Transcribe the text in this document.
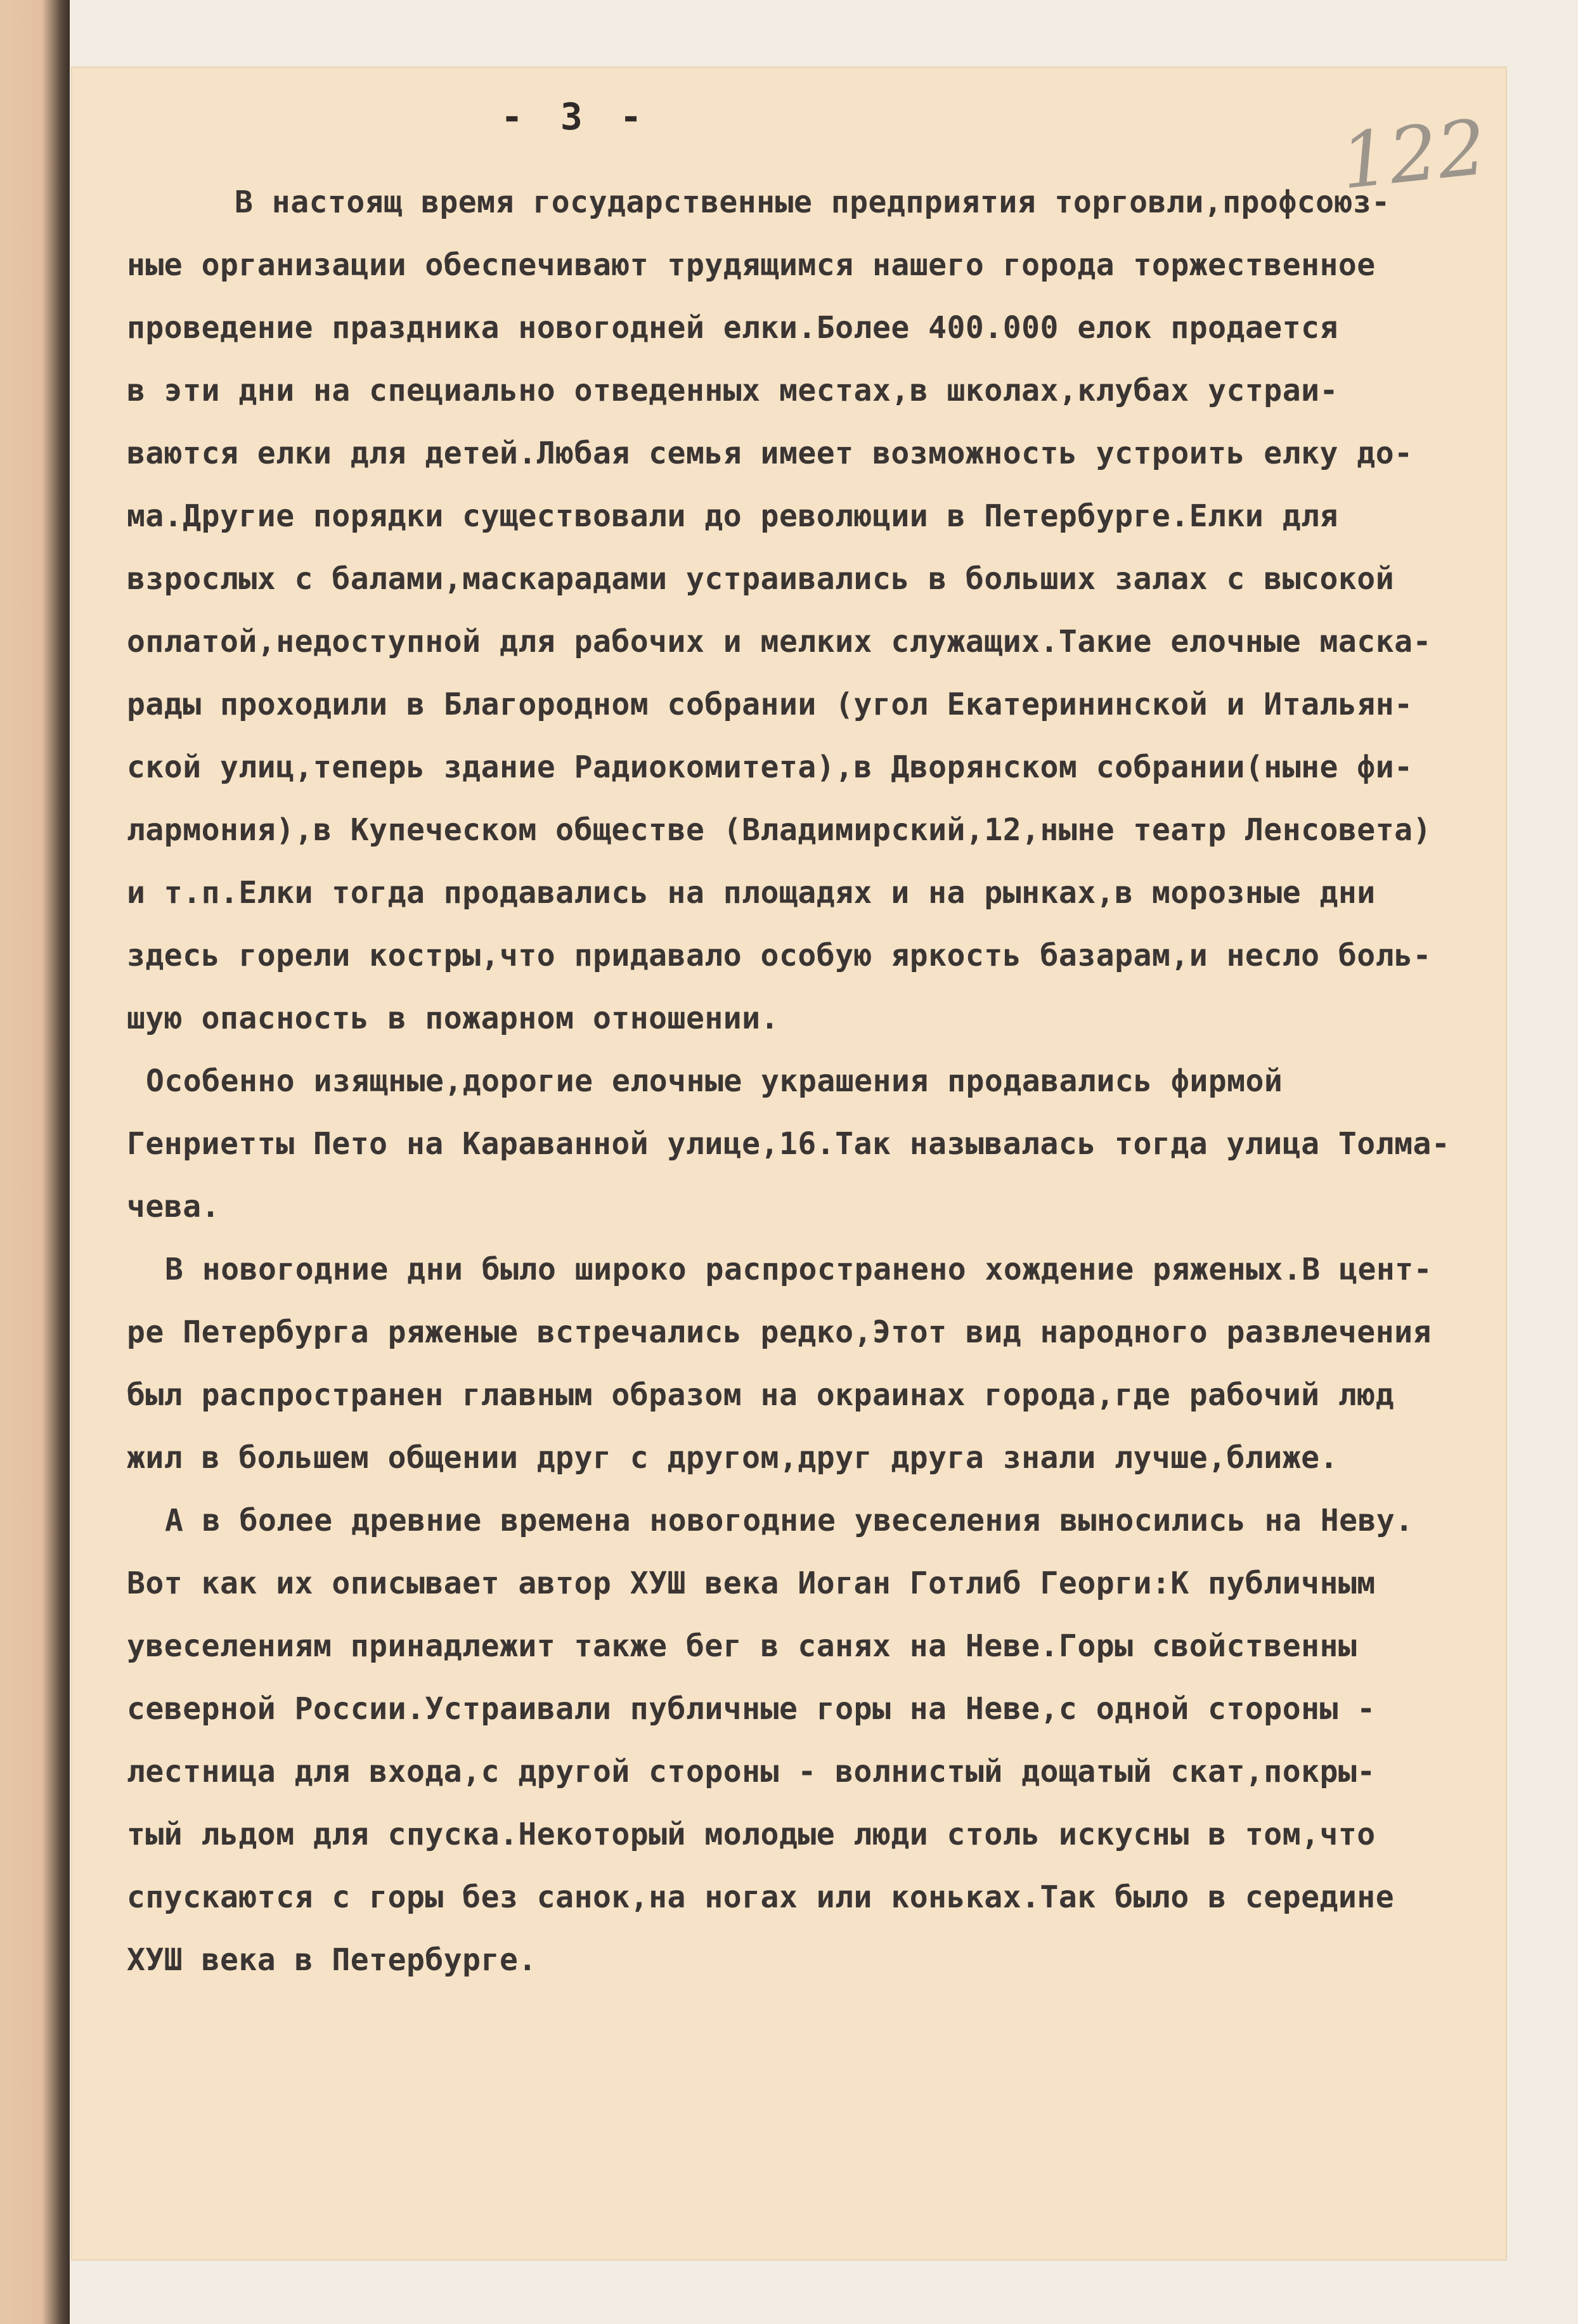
- 3 -	122
В настоящ время государственные предприятия торговли,профсоюз-
ные организации обеспечивают трудящимся нашего города торжественное
проведение праздника новогодней елки.Более 400.000 елок продается
в эти дни на специально отведенных местах,в школах,клубах устраи-
ваются елки для детей.Любая семья имеет возможность устроить елку до-
ма.Другие порядки существовали до революции в Петербурге.Елки для
взрослых с балами,маскарадами устраивались в больших залах с высокой
оплатой,недоступной для рабочих и мелких служащих.Такие елочные маска-
рады проходили в Благородном собрании (угол Екатерининской и Итальян-
ской улиц,теперь здание Радиокомитета),в Дворянском собрании(ныне фи-
лармония),в Купеческом обществе (Владимирский,12,ныне театр Ленсовета)
и т.п.Елки тогда продавались на площадях и на рынках,в морозные дни
здесь горели костры,что придавало особую яркость базарам,и несло боль-
шую опасность в пожарном отношении.
Особенно изящные,дорогие елочные украшения продавались фирмой
Генриетты Пето на Караванной улице,16.Так называлась тогда улица Толма-
чева.
В новогодние дни было широко распространено хождение ряженых.В цент-
ре Петербурга ряженые встречались редко,Этот вид народного развлечения
был распространен главным образом на окраинах города,где рабочий люд
жил в большем общении друг с другом,друг друга знали лучше,ближе.
А в более древние времена новогодние увеселения выносились на Неву.
Вот как их описывает автор ХУШ века Иоган Готлиб Георги:К публичным
увеселениям принадлежит также бег в санях на Неве.Горы свойственны
северной России.Устраивали публичные горы на Неве,с одной стороны -
лестница для входа,с другой стороны - волнистый дощатый скат,покры-
тый льдом для спуска.Некоторый молодые люди столь искусны в том,что
спускаются с горы без санок,на ногах или коньках.Так было в середине
ХУШ века в Петербурге.
